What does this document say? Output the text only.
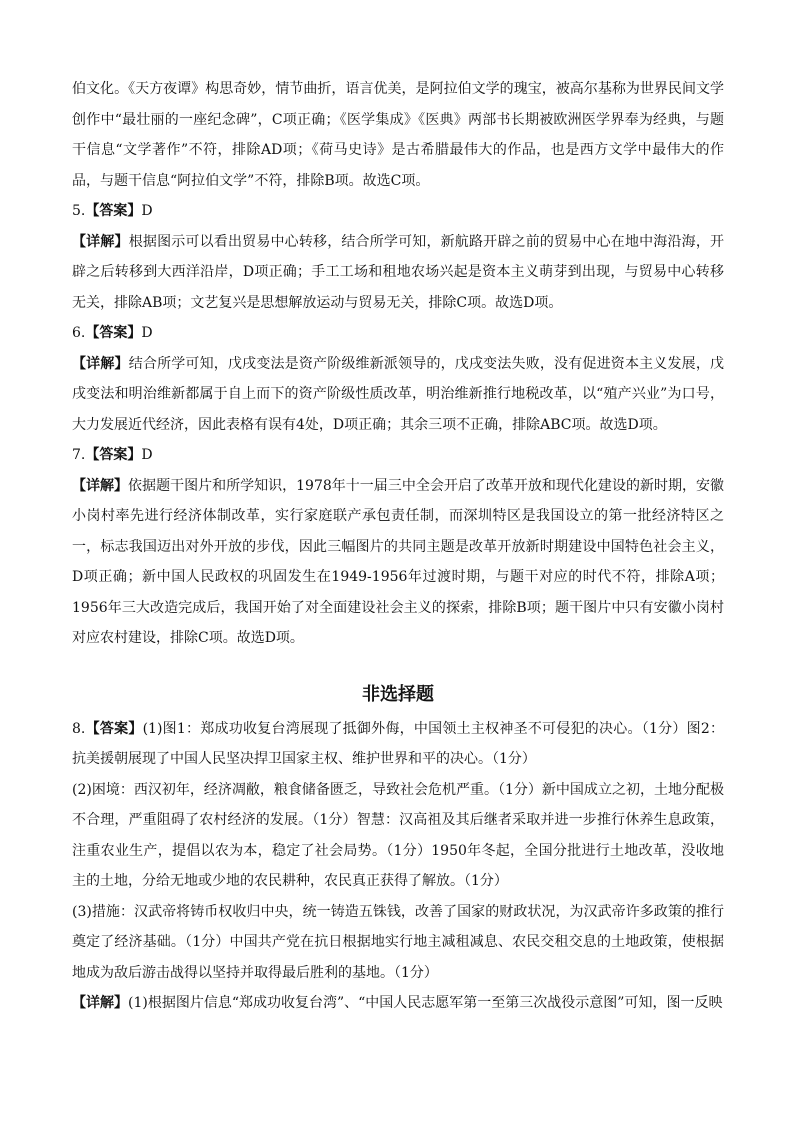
伯文化。《天方夜谭》构思奇妙，情节曲折，语言优美，是阿拉伯文学的瑰宝，被高尔基称为世界民间文学创作中“最壮丽的一座纪念碑”，C项正确；《医学集成》《医典》两部书长期被欧洲医学界奉为经典，与题干信息“文学著作”不符，排除AD项；《荷马史诗》是古希腊最伟大的作品，也是西方文学中最伟大的作品，与题干信息“阿拉伯文学”不符，排除B项。故选C项。

5.【答案】D

【详解】根据图示可以看出贸易中心转移，结合所学可知，新航路开辟之前的贸易中心在地中海沿海，开辟之后转移到大西洋沿岸，D项正确；手工工场和租地农场兴起是资本主义萌芽到出现，与贸易中心转移无关，排除AB项；文艺复兴是思想解放运动与贸易无关，排除C项。故选D项。

6.【答案】D

【详解】结合所学可知，戊戌变法是资产阶级维新派领导的，戊戌变法失败，没有促进资本主义发展，戊戌变法和明治维新都属于自上而下的资产阶级性质改革，明治维新推行地税改革，以“殖产兴业”为口号，大力发展近代经济，因此表格有误有4处，D项正确；其余三项不正确，排除ABC项。故选D项。

7.【答案】D

【详解】依据题干图片和所学知识，1978年十一届三中全会开启了改革开放和现代化建设的新时期，安徽小岗村率先进行经济体制改革，实行家庭联产承包责任制，而深圳特区是我国设立的第一批经济特区之一，标志我国迈出对外开放的步伐，因此三幅图片的共同主题是改革开放新时期建设中国特色社会主义，D项正确；新中国人民政权的巩固发生在1949-1956年过渡时期，与题干对应的时代不符，排除A项；1956年三大改造完成后，我国开始了对全面建设社会主义的探索，排除B项；题干图片中只有安徽小岗村对应农村建设，排除C项。故选D项。

非选择题

8.【答案】(1)图1：郑成功收复台湾展现了抵御外侮，中国领土主权神圣不可侵犯的决心。（1分）图2：抗美援朝展现了中国人民坚决捍卫国家主权、维护世界和平的决心。（1分）

(2)困境：西汉初年，经济凋敝，粮食储备匮乏，导致社会危机严重。（1分）新中国成立之初，土地分配极不合理，严重阻碍了农村经济的发展。（1分）智慧：汉高祖及其后继者采取并进一步推行休养生息政策，注重农业生产，提倡以农为本，稳定了社会局势。（1分）1950年冬起，全国分批进行土地改革，没收地主的土地，分给无地或少地的农民耕种，农民真正获得了解放。（1分）

(3)措施：汉武帝将铸币权收归中央，统一铸造五铢钱，改善了国家的财政状况，为汉武帝许多政策的推行奠定了经济基础。（1分）中国共产党在抗日根据地实行地主减租减息、农民交租交息的土地政策，使根据地成为敌后游击战得以坚持并取得最后胜利的基地。（1分）

【详解】(1)根据图片信息“郑成功收复台湾”、“中国人民志愿军第一至第三次战役示意图”可知，图一反映
